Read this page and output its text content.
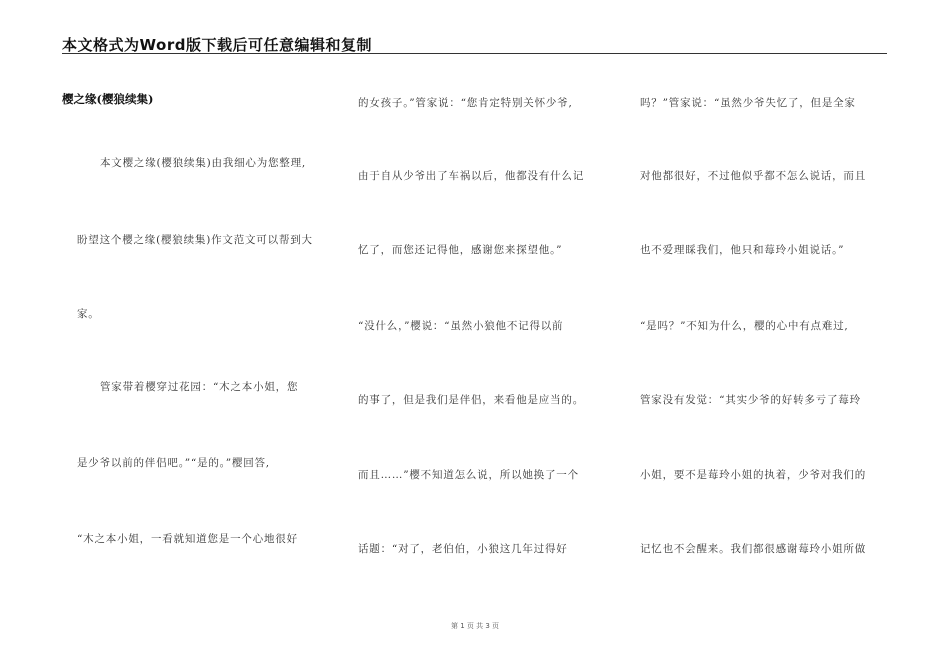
本文格式为Word版下载后可任意编辑和复制
樱之缘(樱狼续集)
本文樱之缘(樱狼续集)由我细心为您整理,
盼望这个樱之缘(樱狼续集)作文范文可以帮到大
家。
管家带着樱穿过花园：“木之本小姐，您
是少爷以前的伴侣吧。”“是的。”樱回答,
“木之本小姐，一看就知道您是一个心地很好
的女孩子。”管家说：“您肯定特别关怀少爷,
由于自从少爷出了车祸以后，他都没有什么记
忆了，而您还记得他，感谢您来探望他。”
“没什么，”樱说：“虽然小狼他不记得以前
的事了，但是我们是伴侣，来看他是应当的。
而且……”樱不知道怎么说，所以她换了一个
话题：“对了，老伯伯，小狼这几年过得好
吗？”管家说：“虽然少爷失忆了，但是全家
对他都很好，不过他似乎都不怎么说话，而且
也不爱理睬我们，他只和莓玲小姐说话。”
“是吗？”不知为什么，樱的心中有点难过,
管家没有发觉：“其实少爷的好转多亏了莓玲
小姐，要不是莓玲小姐的执着，少爷对我们的
记忆也不会醒来。我们都很感谢莓玲小姐所做
第 1 页 共 3 页
